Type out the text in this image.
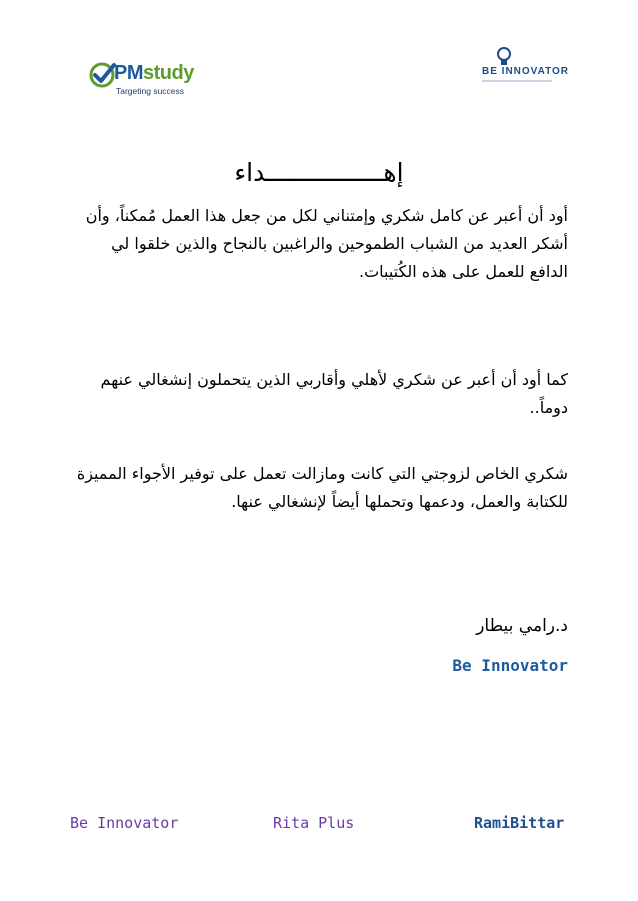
PMstudy
Targeting success
BE INNOVATOR
إهــــــــــــــــداء
أود أن أعبر عن كامل شكري وإمتناني لكل من جعل هذا العمل مُمكناً، وأن أشكر العديد من الشباب الطموحين والراغبين بالنجاح والذين خلقوا لي الدافع للعمل على هذه الكُتيبات.
كما أود أن أعبر عن شكري لأهلي وأقاربي الذين يتحملون إنشغالي عنهم دوماً..
شكري الخاص لزوجتي التي كانت ومازالت تعمل على توفير الأجواء المميزة للكتابة والعمل، ودعمها وتحملها أيضاً لإنشغالي عنها.
د.رامي بيطار
Be Innovator
Be Innovator	Rita Plus	RamiBittar
